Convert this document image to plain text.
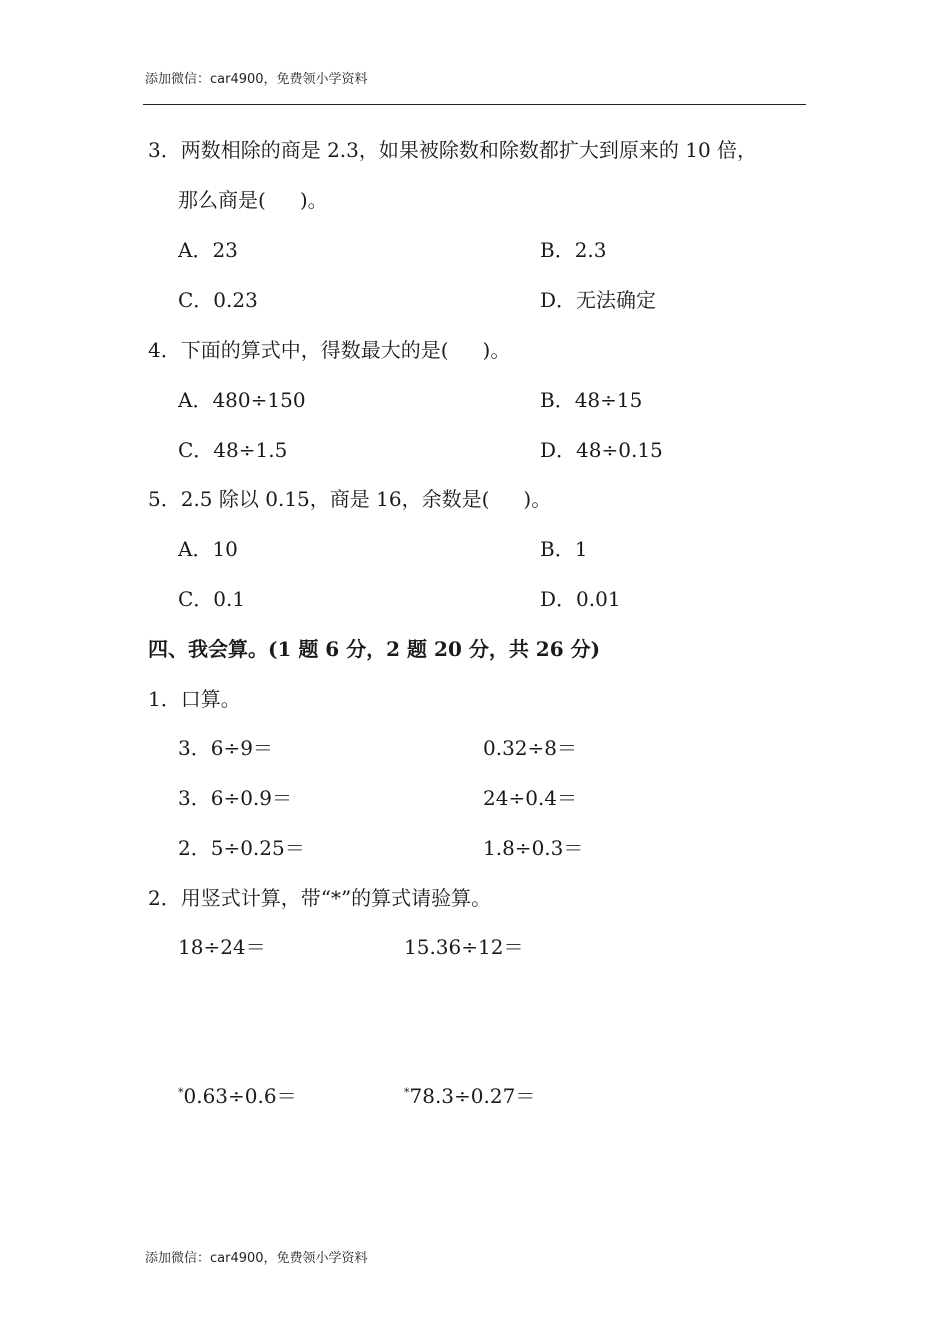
添加微信：car4900，免费领小学资料
3．两数相除的商是 2.3，如果被除数和除数都扩大到原来的 10 倍，
那么商是( )。
A．23	B．2.3
C．0.23	D．无法确定
4．下面的算式中，得数最大的是( )。
A．480÷150	B．48÷15
C．48÷1.5	D．48÷0.15
5．2.5 除以 0.15，商是 16，余数是( )。
A．10	B．1
C．0.1	D．0.01
四、我会算。(1 题 6 分，2 题 20 分，共 26 分)
1．口算。
3．6÷9＝	0.32÷8＝
3．6÷0.9＝	24÷0.4＝
2．5÷0.25＝	1.8÷0.3＝
2．用竖式计算，带“*”的算式请验算。
18÷24＝	15.36÷12＝
*0.63÷0.6＝	*78.3÷0.27＝
添加微信：car4900，免费领小学资料
